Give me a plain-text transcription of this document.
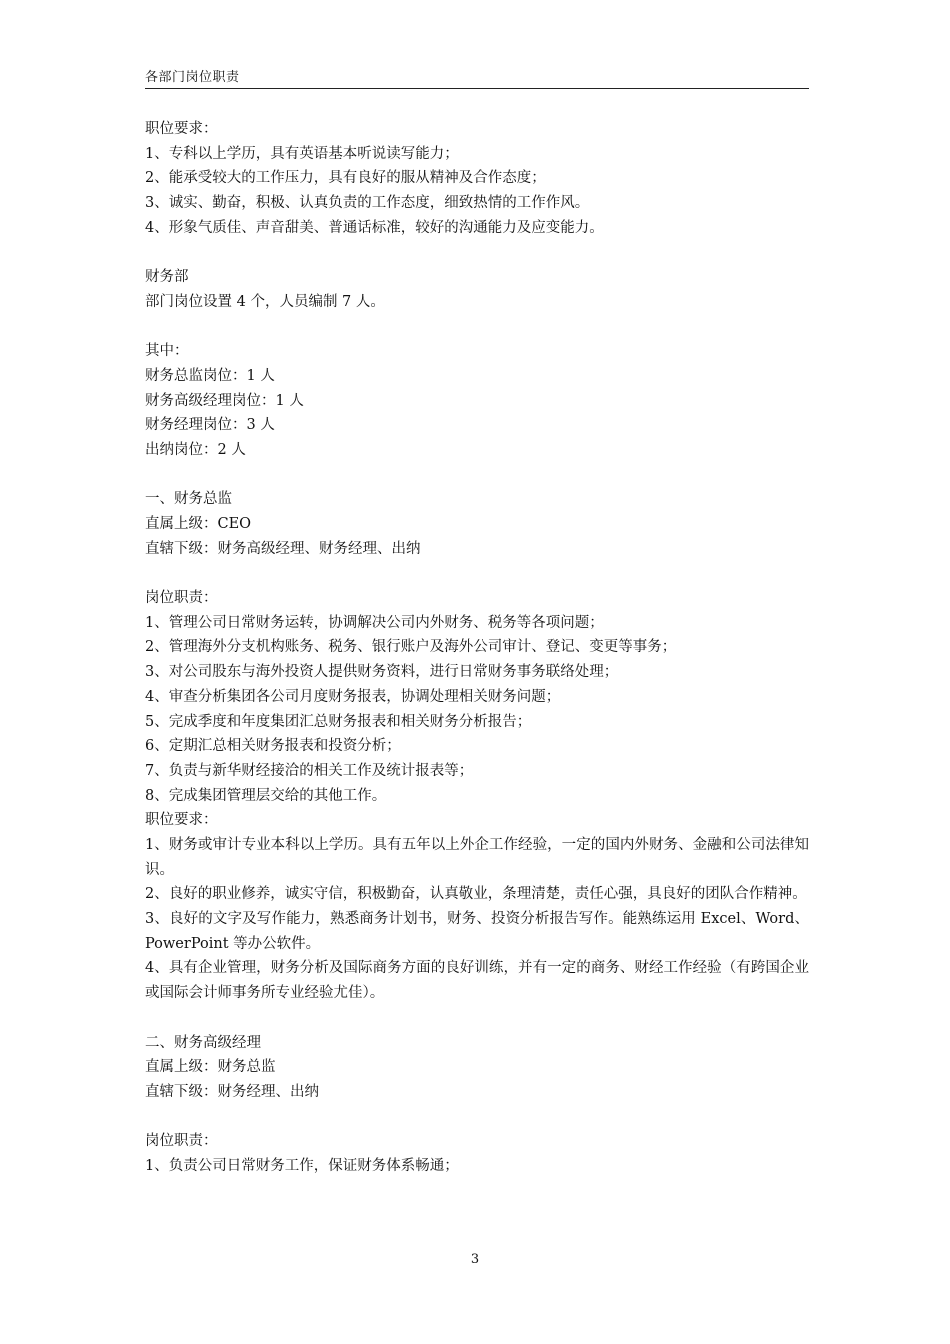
各部门岗位职责
职位要求：
1、专科以上学历，具有英语基本听说读写能力；
2、能承受较大的工作压力，具有良好的服从精神及合作态度；
3、诚实、勤奋，积极、认真负责的工作态度，细致热情的工作作风。
4、形象气质佳、声音甜美、普通话标准，较好的沟通能力及应变能力。
财务部
部门岗位设置 4 个，人员编制 7 人。
其中：
财务总监岗位：1 人
财务高级经理岗位：1 人
财务经理岗位：3 人
出纳岗位：2 人
一、财务总监
直属上级：CEO
直辖下级：财务高级经理、财务经理、出纳
岗位职责：
1、管理公司日常财务运转，协调解决公司内外财务、税务等各项问题；
2、管理海外分支机构账务、税务、银行账户及海外公司审计、登记、变更等事务；
3、对公司股东与海外投资人提供财务资料，进行日常财务事务联络处理；
4、审查分析集团各公司月度财务报表，协调处理相关财务问题；
5、完成季度和年度集团汇总财务报表和相关财务分析报告；
6、定期汇总相关财务报表和投资分析；
7、负责与新华财经接洽的相关工作及统计报表等；
8、完成集团管理层交给的其他工作。
职位要求：
1、财务或审计专业本科以上学历。具有五年以上外企工作经验，一定的国内外财务、金融和公司法律知识。
2、良好的职业修养，诚实守信，积极勤奋，认真敬业，条理清楚，责任心强，具良好的团队合作精神。
3、良好的文字及写作能力，熟悉商务计划书，财务、投资分析报告写作。能熟练运用 Excel、Word、 PowerPoint 等办公软件。
4、具有企业管理，财务分析及国际商务方面的良好训练，并有一定的商务、财经工作经验（有跨国企业或国际会计师事务所专业经验尤佳）。
二、财务高级经理
直属上级：财务总监
直辖下级：财务经理、出纳
岗位职责：
1、负责公司日常财务工作，保证财务体系畅通；
3
